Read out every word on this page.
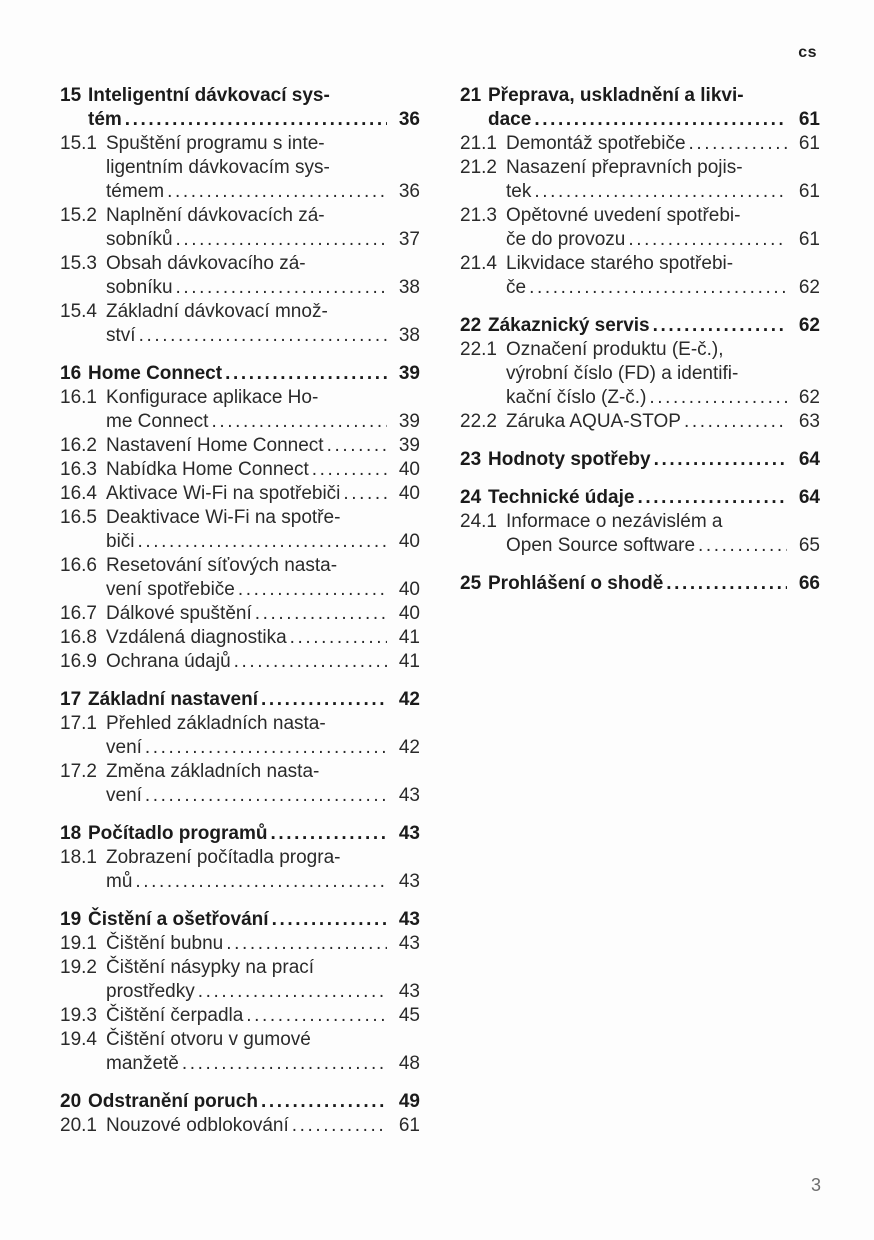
cs
15 Inteligentní dávkovací sys-
tém .....	36
15.1 Spuštění programu s inte-
ligentním dávkovacím sys-
témem .....	36
15.2 Naplnění dávkovacích zá-
sobníků .....	37
15.3 Obsah dávkovacího zá-
sobníku .....	38
15.4 Základní dávkovací množ-
ství .....	38
16 Home Connect .....	39
16.1 Konfigurace aplikace Ho-
me Connect .....	39
16.2 Nastavení Home Connect .....	39
16.3 Nabídka Home Connect .....	40
16.4 Aktivace Wi-Fi na spotřebiči .....	40
16.5 Deaktivace Wi-Fi na spotře-
biči .....	40
16.6 Resetování síťových nasta-
vení spotřebiče .....	40
16.7 Dálkové spuštění .....	40
16.8 Vzdálená diagnostika .....	41
16.9 Ochrana údajů .....	41
17 Základní nastavení .....	42
17.1 Přehled základních nasta-
vení .....	42
17.2 Změna základních nasta-
vení .....	43
18 Počítadlo programů .....	43
18.1 Zobrazení počítadla progra-
mů .....	43
19 Čistění a ošetřování .....	43
19.1 Čištění bubnu .....	43
19.2 Čištění násypky na prací
prostředky .....	43
19.3 Čištění čerpadla .....	45
19.4 Čištění otvoru v gumové
manžetě .....	48
20 Odstranění poruch .....	49
20.1 Nouzové odblokování .....	61
21 Přeprava, uskladnění a likvi-
dace .....	61
21.1 Demontáž spotřebiče .....	61
21.2 Nasazení přepravních pojis-
tek .....	61
21.3 Opětovné uvedení spotřebi-
če do provozu .....	61
21.4 Likvidace starého spotřebi-
če .....	62
22 Zákaznický servis .....	62
22.1 Označení produktu (E-č.),
výrobní číslo (FD) a identifi-
kační číslo (Z-č.) .....	62
22.2 Záruka AQUA-STOP .....	63
23 Hodnoty spotřeby .....	64
24 Technické údaje .....	64
24.1 Informace o nezávislém a
Open Source software .....	65
25 Prohlášení o shodě .....	66
3
